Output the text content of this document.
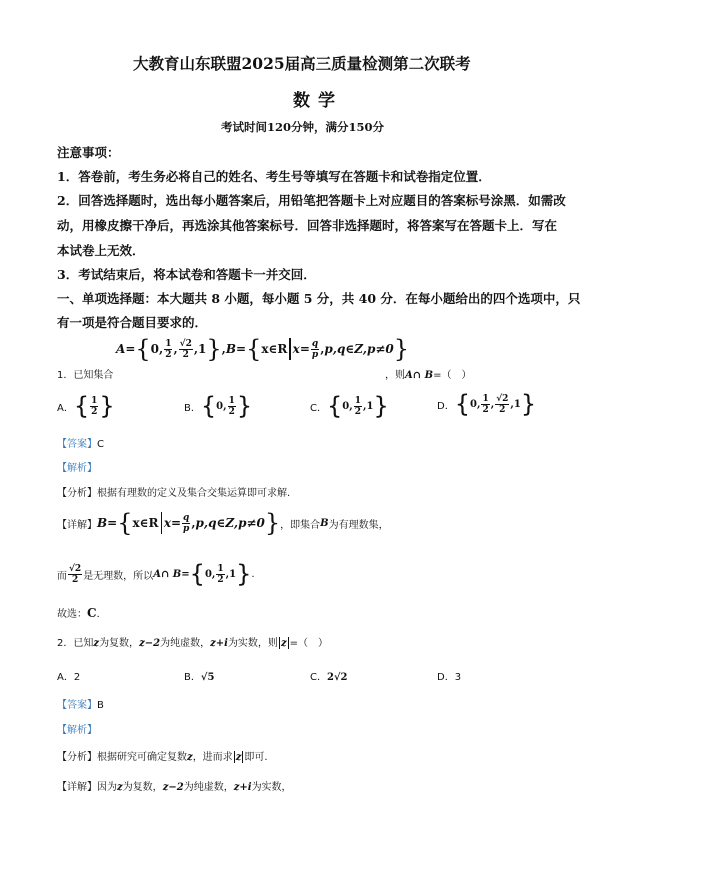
大教育山东联盟2025届高三质量检测第二次联考
数学
考试时间120分钟，满分150分
注意事项：
1．答卷前，考生务必将自己的姓名、考生号等填写在答题卡和试卷指定位置．
2．回答选择题时，选出每小题答案后，用铅笔把答题卡上对应题目的答案标号涂黑．如需改
动，用橡皮擦干净后，再选涂其他答案标号．回答非选择题时，将答案写在答题卡上．写在
本试卷上无效．
3．考试结束后，将本试卷和答题卡一并交回．
一、单项选择题：本大题共 8 小题，每小题 5 分，共 40 分．在每小题给出的四个选项中，只
有一项是符合题目要求的．
1．已知集合
A = { 0 , $\frac{1}{2}$ , $\frac{√2}{2}$ , 1 } , B = { x∈R $x = \frac{q}{p}$ , p,q∈Z,p≠0 }
，则A∩ B=（　）
A． { $\frac{1}{2}$ }	B． { 0, $\frac{1}{2}$ }	C． { 0, $\frac{1}{2} ,1$ }	D． { 0, $\frac{1}{2}$ , $\frac{√2}{2} ,1$ }
【答案】C
【解析】
【分析】根据有理数的定义及集合交集运算即可求解.
【详解】 B = { x∈R $x = \frac{q}{p}$ , p,q∈Z,p≠0 } ，即集合 B 为有理数集，
而 $\frac{√2}{2}$ 是无理数，所以 A∩ B = { 0, $\frac{1}{2} ,1$ } .
故选：C．
2．已知z为复数，z−2为纯虚数，z+i为实数，则 z =（　）
A．2	B．√5	C．2√2	D．3
【答案】B
【解析】
【分析】根据研究可确定复数z，进而求 z 即可.
【详解】因为z为复数，z−2为纯虚数，z+i为实数，
